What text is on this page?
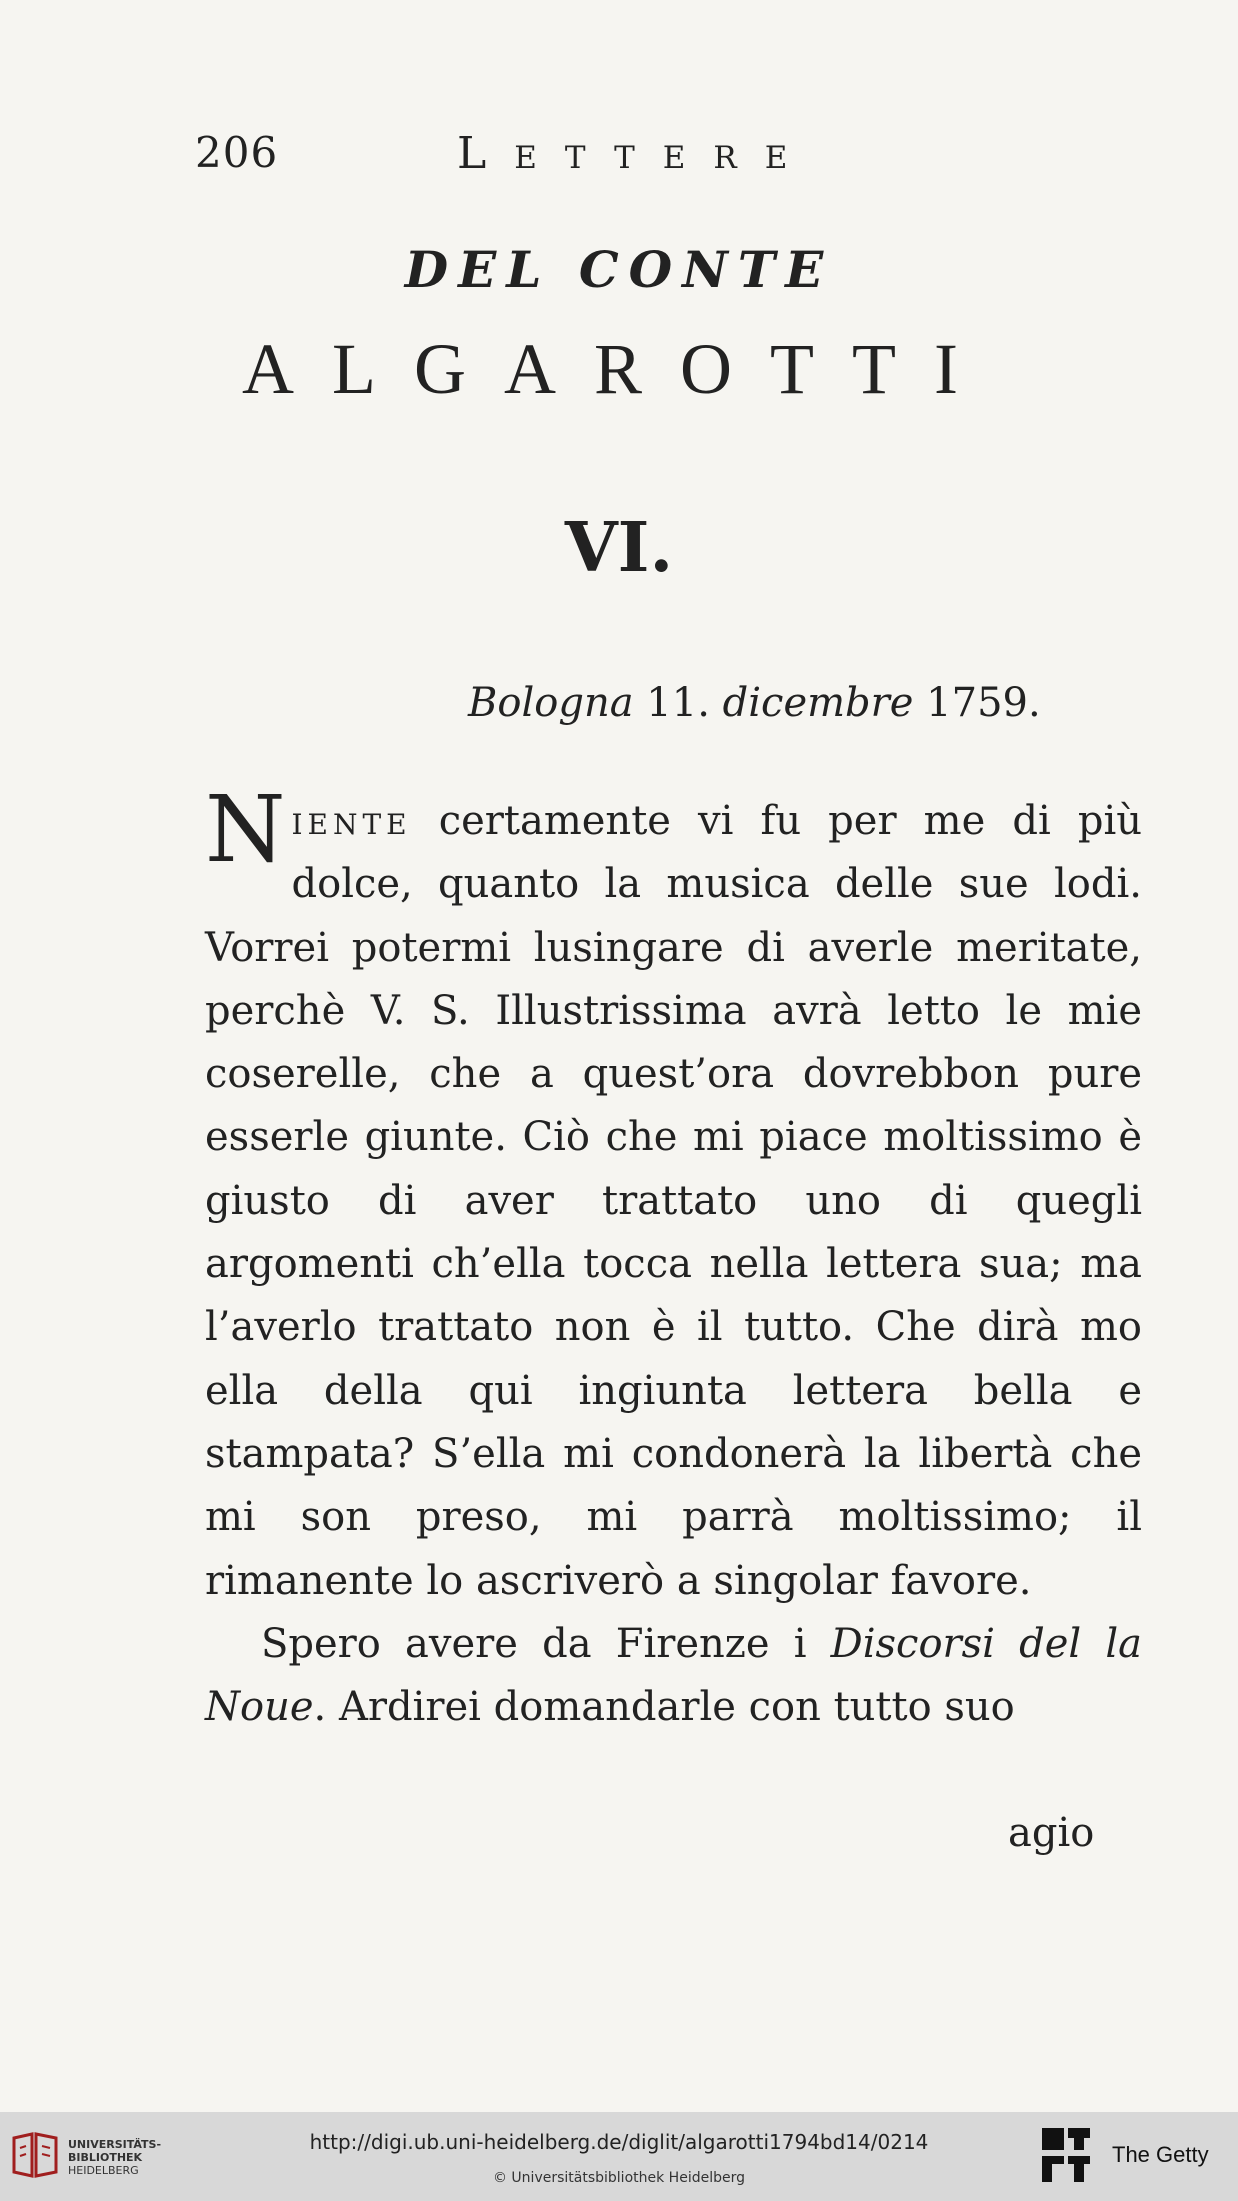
206	Lettere
DEL CONTE
ALGAROTTI
VI.
Bologna 11. dicembre 1759.

Niente certamente vi fu per me di più dolce, quanto la musica delle sue lodi. Vorrei potermi lusingare di averle meritate, perchè V. S. Illustrissima avrà letto le mie coserelle, che a quest’ora dovrebbon pure esserle giunte. Ciò che mi piace moltissimo è giusto di aver trattato uno di quegli argomenti ch’ella tocca nella lettera sua; ma l’averlo trattato non è il tutto. Che dirà mo ella della qui ingiunta lettera bella e stampata? S’ella mi condonerà la libertà che mi son preso, mi parrà moltissimo; il rimanente lo ascriverò a singolar favore.

Spero avere da Firenze i Discorsi del la Noue. Ardirei domandarle con tutto suo

agio
UNIVERSITÄTS-
BIBLIOTHEK
HEIDELBERG
http://digi.ub.uni-heidelberg.de/diglit/algarotti1794bd14/0214
© Universitätsbibliothek Heidelberg
The Getty
